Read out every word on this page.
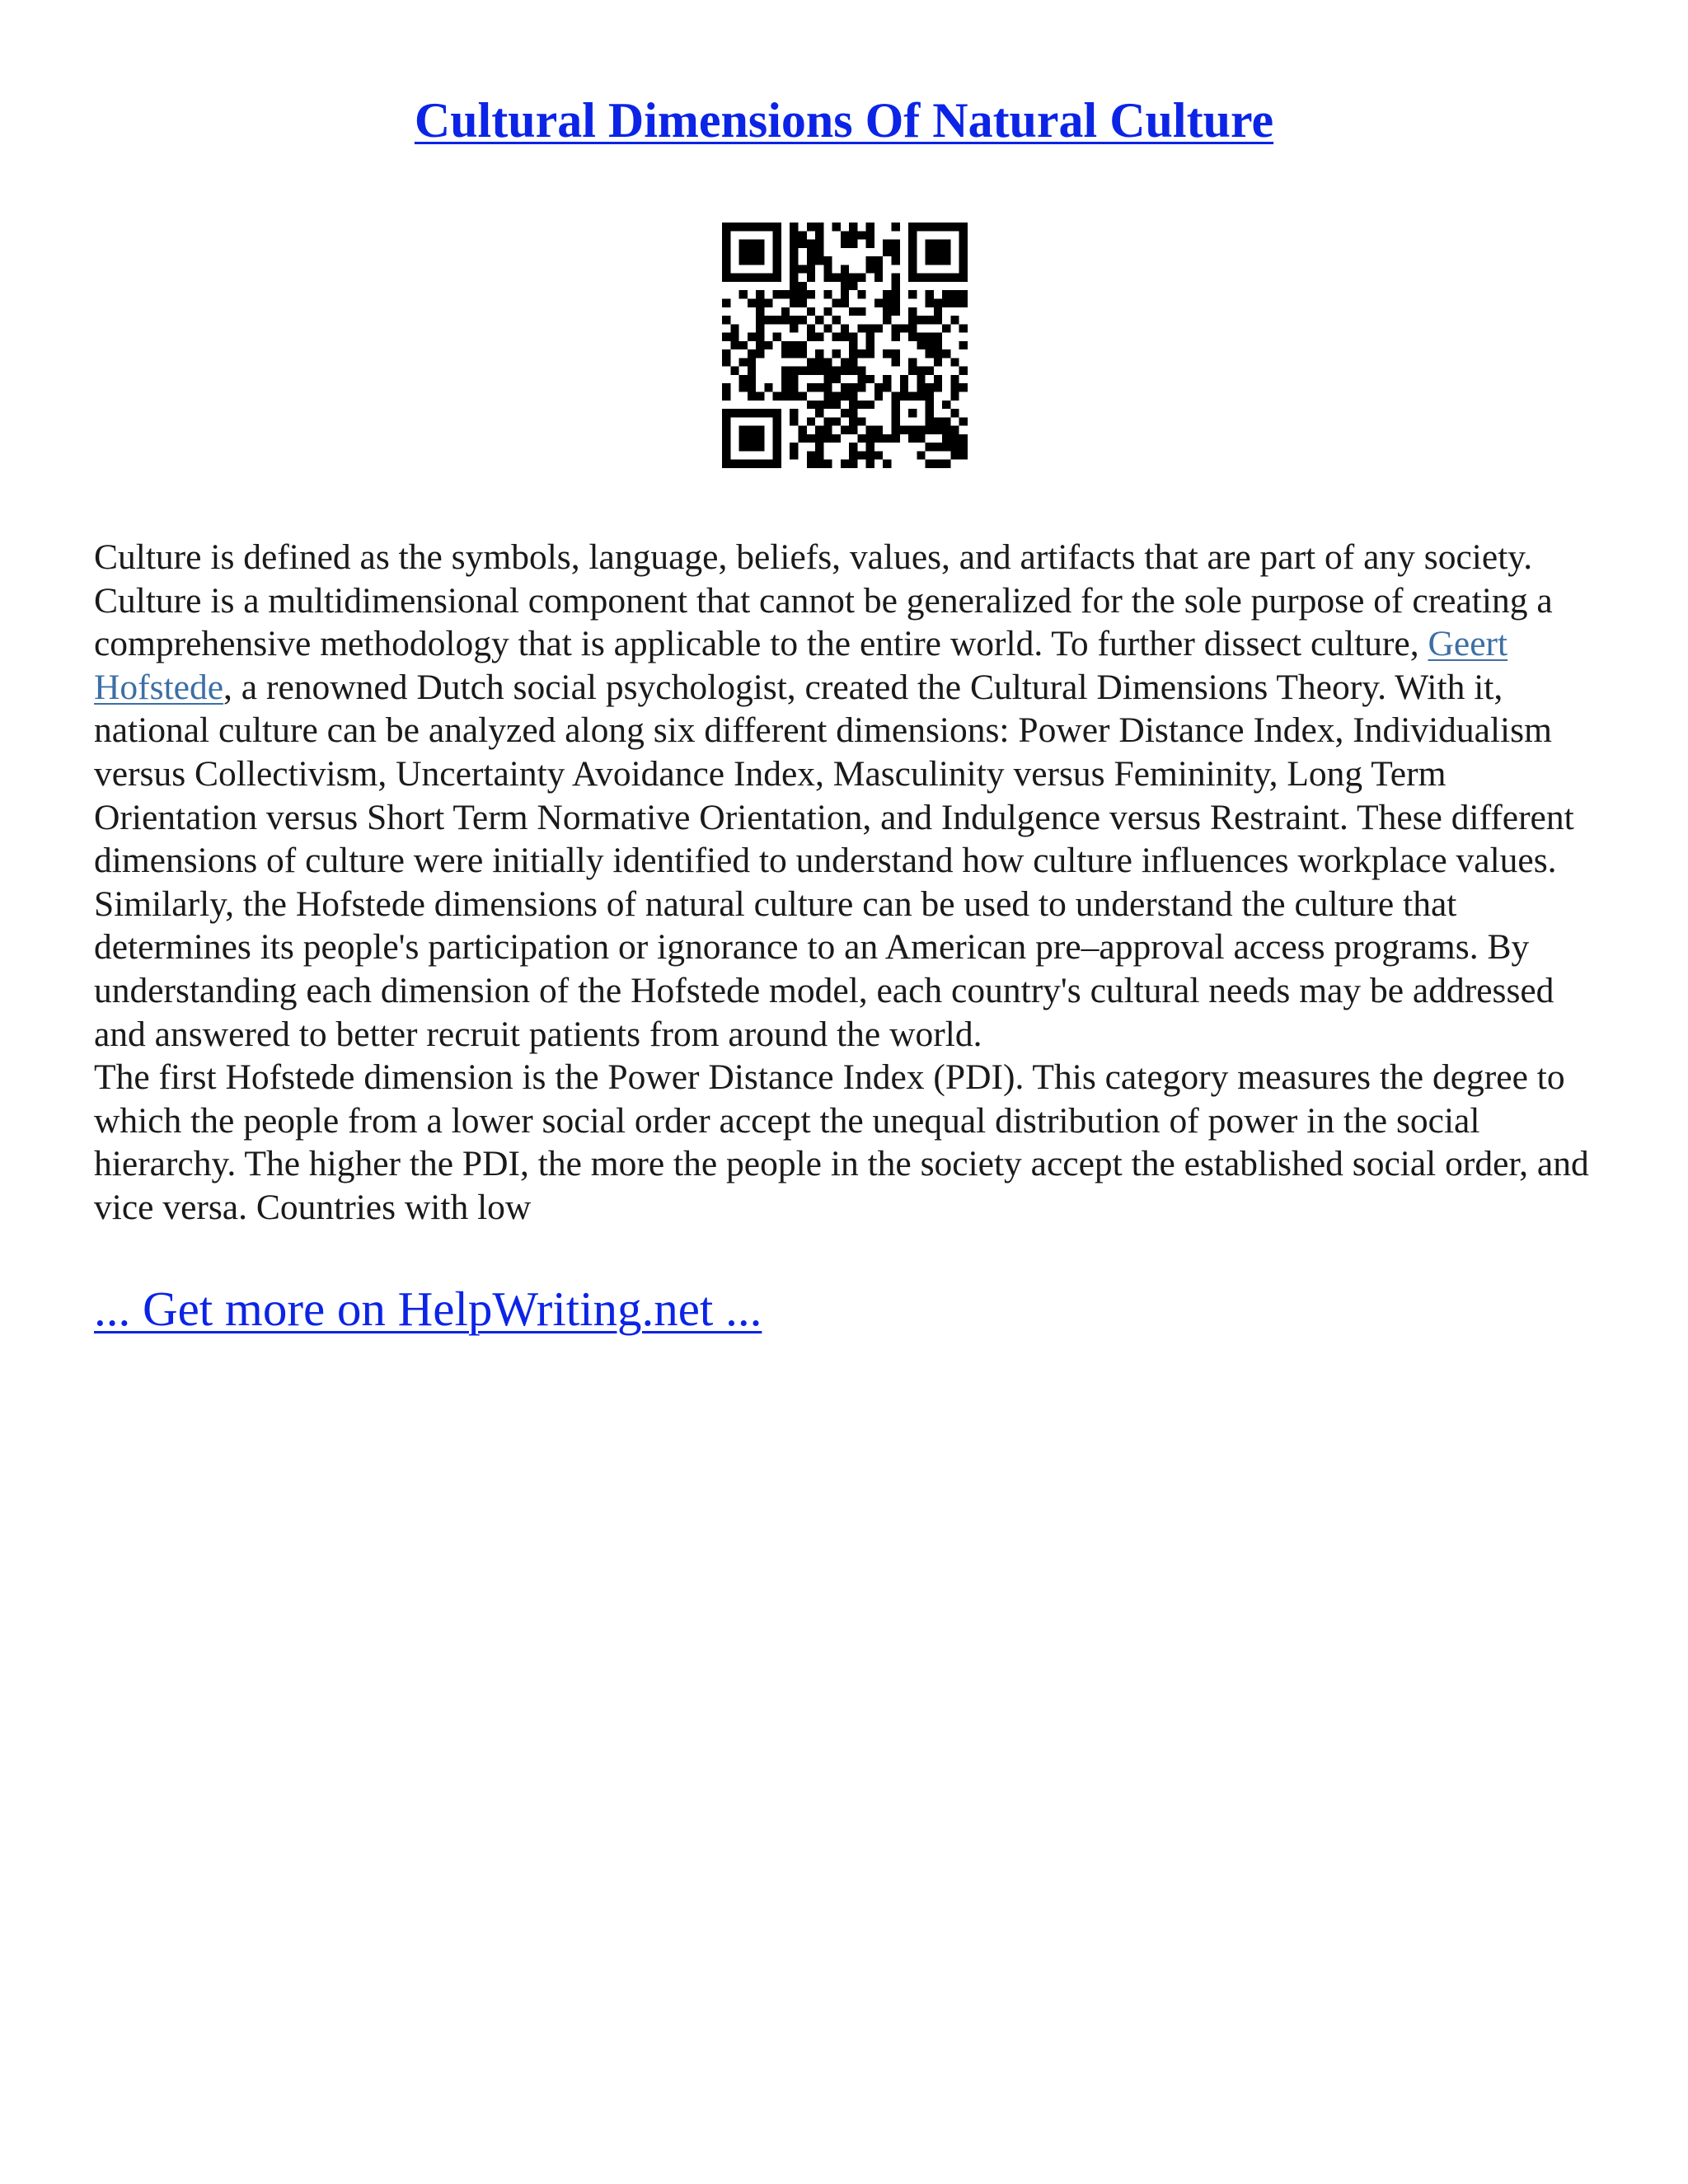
Cultural Dimensions Of Natural Culture

Culture is defined as the symbols, language, beliefs, values, and artifacts that are part of any society. Culture is a multidimensional component that cannot be generalized for the sole purpose of creating a comprehensive methodology that is applicable to the entire world. To further dissect culture, Geert Hofstede, a renowned Dutch social psychologist, created the Cultural Dimensions Theory. With it, national culture can be analyzed along six different dimensions: Power Distance Index, Individualism versus Collectivism, Uncertainty Avoidance Index, Masculinity versus Femininity, Long Term Orientation versus Short Term Normative Orientation, and Indulgence versus Restraint. These different dimensions of culture were initially identified to understand how culture influences workplace values. Similarly, the Hofstede dimensions of natural culture can be used to understand the culture that determines its people's participation or ignorance to an American pre–approval access programs. By understanding each dimension of the Hofstede model, each country's cultural needs may be addressed and answered to better recruit patients from around the world.

The first Hofstede dimension is the Power Distance Index (PDI). This category measures the degree to which the people from a lower social order accept the unequal distribution of power in the social hierarchy. The higher the PDI, the more the people in the society accept the established social order, and vice versa. Countries with low

... Get more on HelpWriting.net ...
